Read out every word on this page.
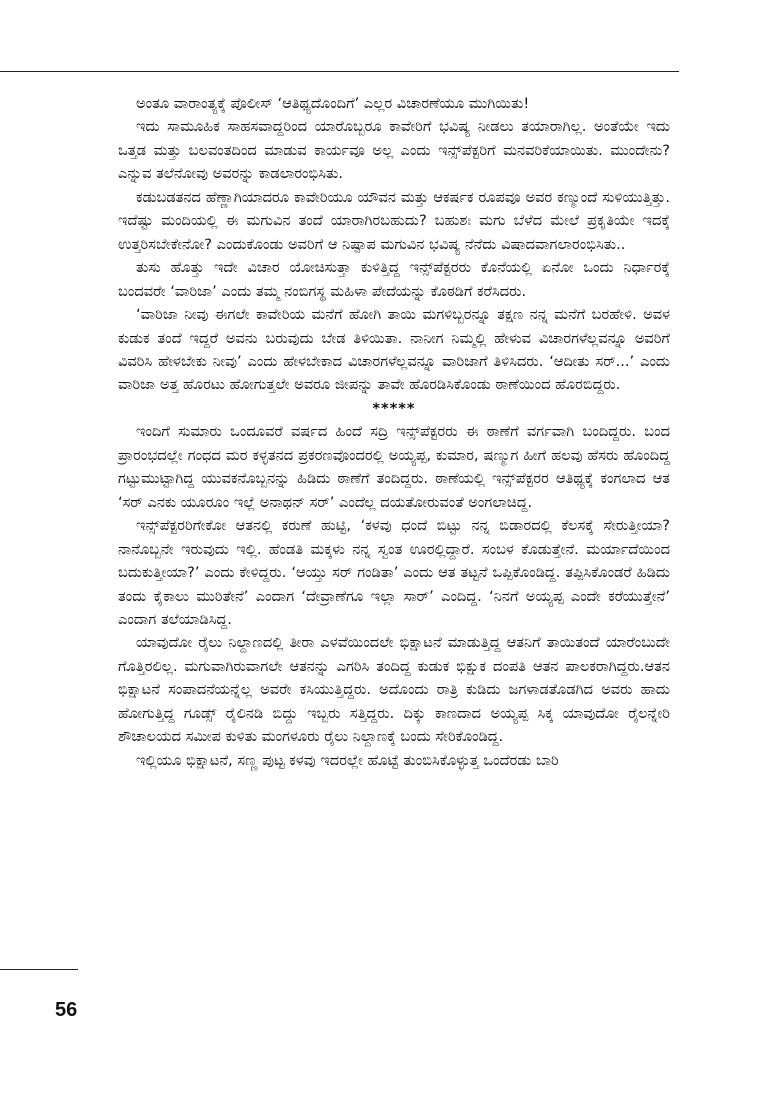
ಅಂತೂ ವಾರಾಂತ್ಯಕ್ಕೆ ಪೊಲೀಸ್ ‘ಆತಿಥ್ಯದೊಂದಿಗೆ’ ಎಲ್ಲರ ವಿಚಾರಣೆಯೂ ಮುಗಿಯಿತು!

ಇದು ಸಾಮೂಹಿಕ ಸಾಹಸವಾದ್ದರಿಂದ ಯಾರೊಬ್ಬರೂ ಕಾವೇರಿಗೆ ಭವಿಷ್ಯ ನೀಡಲು ತಯಾರಾಗಿಲ್ಲ. ಅಂತೆಯೇ ಇದು ಒತ್ತಡ ಮತ್ತು ಬಲವಂತದಿಂದ ಮಾಡುವ ಕಾರ್ಯವೂ ಅಲ್ಲ ಎಂದು ಇನ್ಸ್‌ಪೆಕ್ಟರಿಗೆ ಮನವರಿಕೆಯಾಯಿತು. ಮುಂದೇನು? ಎನ್ನುವ ತಲೆನೋವು ಅವರನ್ನು ಕಾಡಲಾರಂಭಿಸಿತು.

ಕಡುಬಡತನದ ಹೆಣ್ಣಾಗಿಯಾದರೂ ಕಾವೇರಿಯೂ ಯೌವನ ಮತ್ತು ಆಕರ್ಷಕ ರೂಪವೂ ಅವರ ಕಣ್ಮುಂದೆ ಸುಳಿಯುತ್ತಿತ್ತು. ಇದೆಷ್ಟು ಮಂದಿಯಲ್ಲಿ ಈ ಮಗುವಿನ ತಂದೆ ಯಾರಾಗಿರಬಹುದು? ಬಹುಶಃ ಮಗು ಬೆಳೆದ ಮೇಲೆ ಪ್ರಕೃತಿಯೇ ಇದಕ್ಕೆ ಉತ್ತರಿಸಬೇಕೇನೋ? ಎಂದುಕೊಂಡು ಅವರಿಗೆ ಆ ನಿಷ್ಪಾಪ ಮಗುವಿನ ಭವಿಷ್ಯ ನೆನೆದು ವಿಷಾದವಾಗಲಾರಂಭಿಸಿತು..

ತುಸು ಹೊತ್ತು ಇದೇ ವಿಚಾರ ಯೋಚಿಸುತ್ತಾ ಕುಳಿತ್ತಿದ್ದ ಇನ್ಸ್‌ಪೆಕ್ಟರರು ಕೊನೆಯಲ್ಲಿ ಏನೋ ಒಂದು ನಿರ್ಧಾರಕ್ಕೆ ಬಂದವರೇ ‘ವಾರಿಜಾ’ ಎಂದು ತಮ್ಮ ನಂಬಿಗಸ್ಥ ಮಹಿಳಾ ಪೇದೆಯನ್ನು ಕೊಠಡಿಗೆ ಕರೆಸಿದರು.

‘ವಾರಿಜಾ ನೀವು ಈಗಲೇ ಕಾವೇರಿಯ ಮನೆಗೆ ಹೋಗಿ ತಾಯಿ ಮಗಳಿಬ್ಬರನ್ನೂ ತಕ್ಷಣ ನನ್ನ ಮನೆಗೆ ಬರಹೇಳಿ. ಅವಳ ಕುಡುಕ ತಂದೆ ಇದ್ದರೆ ಅವನು ಬರುವುದು ಬೇಡ ತಿಳಿಯಿತಾ. ನಾನೀಗ ನಿಮ್ಮಲ್ಲಿ ಹೇಳುವ ವಿಚಾರಗಳೆಲ್ಲವನ್ನೂ ಅವರಿಗೆ ವಿವರಿಸಿ ಹೇಳಬೇಕು ನೀವು’ ಎಂದು ಹೇಳಬೇಕಾದ ವಿಚಾರಗಳೆಲ್ಲವನ್ನೂ ವಾರಿಜಾಗೆ ತಿಳಿಸಿದರು. ‘ಆದೀತು ಸರ್...’ ಎಂದು ವಾರಿಜಾ ಅತ್ತ ಹೊರಟು ಹೋಗುತ್ತಲೇ ಅವರೂ ಜೀಪನ್ನು ತಾವೇ ಹೊರಡಿಸಿಕೊಂಡು ಠಾಣೆಯಿಂದ ಹೊರಬಿದ್ದರು.

*****

ಇಂದಿಗೆ ಸುಮಾರು ಒಂದೂವರೆ ವರ್ಷದ ಹಿಂದೆ ಸದ್ರಿ ಇನ್ಸ್‌ಪೆಕ್ಟರರು ಈ ಠಾಣೆಗೆ ವರ್ಗವಾಗಿ ಬಂದಿದ್ದರು. ಬಂದ ಪ್ರಾರಂಭದಲ್ಲೇ ಗಂಧದ ಮರ ಕಳ್ಳತನದ ಪ್ರಕರಣವೊಂದರಲ್ಲಿ ಅಯ್ಯಪ್ಪ, ಕುಮಾರ, ಷಣ್ಮುಗ ಹೀಗೆ ಹಲವು ಹೆಸರು ಹೊಂದಿದ್ದ ಗಟ್ಟುಮುಟ್ಟಾಗಿದ್ದ ಯುವಕನೊಬ್ಬನನ್ನು ಹಿಡಿದು ಠಾಣೆಗೆ ತಂದಿದ್ದರು. ಠಾಣೆಯಲ್ಲಿ ಇನ್ಸ್‌ಪೆಕ್ಟರರ ಆತಿಥ್ಯಕ್ಕೆ ಕಂಗಲಾದ ಆತ ‘ಸರ್ ಎನಕು ಯೂರೂಂ ಇಲ್ಲೆ ಅನಾಥನ್ ಸರ್’ ಎಂದೆಲ್ಲ ದಯತೋರುವಂತೆ ಅಂಗಲಾಚಿದ್ದ.

ಇನ್ಸ್‌ಪೆಕ್ಟರರಿಗೇಕೋ ಆತನಲ್ಲಿ ಕರುಣೆ ಹುಟ್ಟಿ, ‘ಕಳವು ಧಂದೆ ಬಿಟ್ಟು ನನ್ನ ಬಿಡಾರದಲ್ಲಿ ಕೆಲಸಕ್ಕೆ ಸೇರುತ್ತೀಯಾ? ನಾನೊಬ್ಬನೇ ಇರುವುದು ಇಲ್ಲಿ. ಹೆಂಡತಿ ಮಕ್ಕಳು ನನ್ನ ಸ್ವಂತ ಊರಲ್ಲಿದ್ದಾರೆ. ಸಂಬಳ ಕೊಡುತ್ತೇನೆ. ಮರ್ಯಾದೆಯಿಂದ ಬದುಕುತ್ತೀಯಾ?’ ಎಂದು ಕೇಳಿದ್ದರು. ‘ಆಯ್ತು ಸರ್ ಗಂಡಿತಾ’ ಎಂದು ಆತ ತಟ್ಟನೆ ಒಪ್ಪಿಕೊಂಡಿದ್ದ. ತಪ್ಪಿಸಿಕೊಂಡರೆ ಹಿಡಿದು ತಂದು ಕೈಕಾಲು ಮುರಿತೇನೆ’ ಎಂದಾಗ ‘ದೇವ್ರಾಣೆಗೂ ಇಲ್ಲಾ ಸಾರ್’ ಎಂದಿದ್ದ. ‘ನಿನಗೆ ಅಯ್ಯಪ್ಪ ಎಂದೇ ಕರೆಯುತ್ತೇನೆ’ ಎಂದಾಗ ತಲೆಯಾಡಿಸಿದ್ದ.

ಯಾವುದೋ ರೈಲು ನಿಲ್ದಾಣದಲ್ಲಿ ತೀರಾ ಎಳವೆಯಿಂದಲೇ ಭಿಕ್ಷಾಟನೆ ಮಾಡುತ್ತಿದ್ದ ಆತನಿಗೆ ತಾಯಿತಂದೆ ಯಾರೆಂಬುದೇ ಗೊತ್ತಿರಲಿಲ್ಲ. ಮಗುವಾಗಿರುವಾಗಲೇ ಆತನನ್ನು ಎಗರಿಸಿ ತಂದಿದ್ದ ಕುಡುಕ ಭಿಕ್ಷುಕ ದಂಪತಿ ಆತನ ಪಾಲಕರಾಗಿದ್ದರು.ಆತನ ಭಿಕ್ಷಾಟನೆ ಸಂಪಾದನೆಯನ್ನೆಲ್ಲ ಅವರೇ ಕಸಿಯುತ್ತಿದ್ದರು. ಅದೊಂದು ರಾತ್ರಿ ಕುಡಿದು ಜಗಳಾಡತೊಡಗಿದ ಅವರು ಹಾದು ಹೋಗುತ್ತಿದ್ದ ಗೂಡ್ಸ್ ರೈಲಿನಡಿ ಬಿದ್ದು ಇಬ್ಬರು ಸತ್ತಿದ್ದರು. ದಿಕ್ಕು ಕಾಣದಾದ ಅಯ್ಯಪ್ಪ ಸಿಕ್ಕ ಯಾವುದೋ ರೈಲನ್ನೇರಿ ಶೌಚಾಲಯದ ಸಮೀಪ ಕುಳಿತು ಮಂಗಳೂರು ರೈಲು ನಿಲ್ದಾಣಕ್ಕೆ ಬಂದು ಸೇರಿಕೊಂಡಿದ್ದ.

ಇಲ್ಲಿಯೂ ಭಿಕ್ಷಾಟನೆ, ಸಣ್ಣ ಪುಟ್ಟ ಕಳವು ಇದರಲ್ಲೇ ಹೊಟ್ಟೆ ತುಂಬಿಸಿಕೊಳ್ಳುತ್ತ ಒಂದೆರಡು ಬಾರಿ

56
